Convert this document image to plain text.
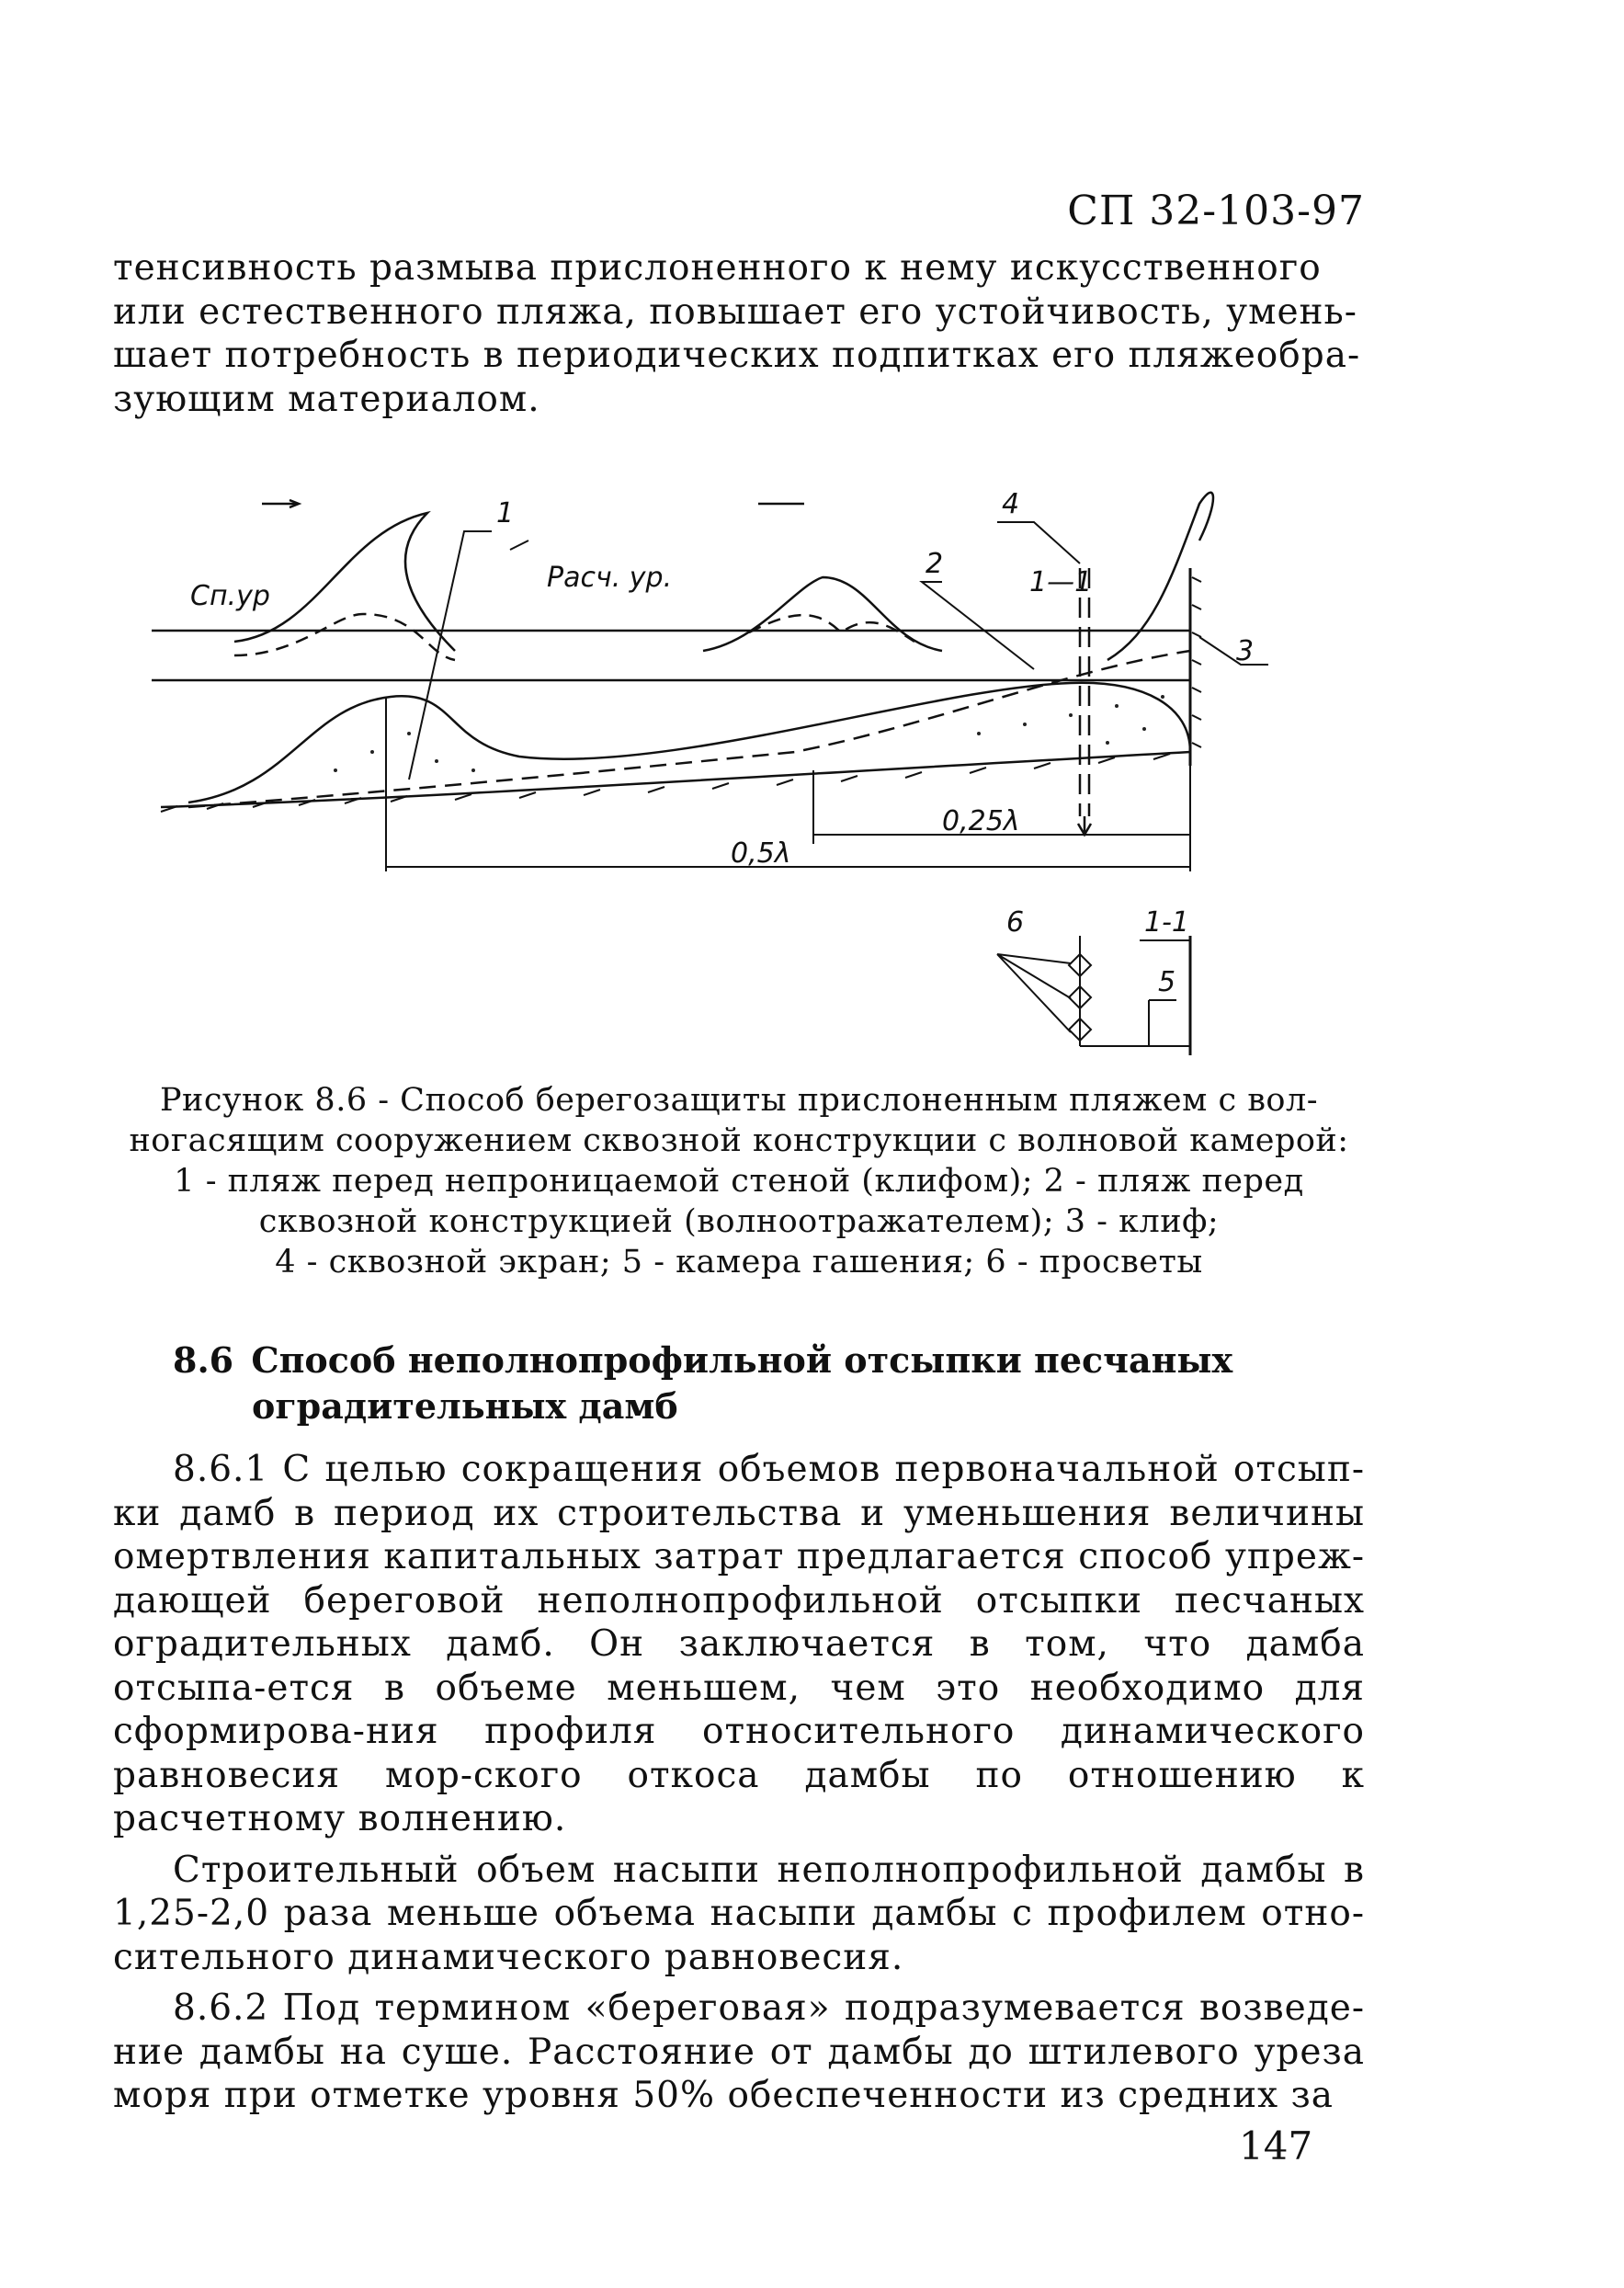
СП 32-103-97

тенсивность размыва прислоненного к нему искусственного

или естественного пляжа, повышает его устойчивость, умень-

шает потребность в периодических подпитках его пляжеобра-

зующим материалом.

Сп.ур
Расч. ур.
1
2
3
4
1—1
0,25λ
0,5λ
1-1
6
5
Рисунок 8.6 - Способ берегозащиты прислоненным пляжем с вол-
ногасящим сооружением сквозной конструкции с волновой камерой:
1 - пляж перед непроницаемой стеной (клифом); 2 - пляж перед
сквозной конструкцией (волноотражателем); 3 - клиф;
4 - сквозной экран; 5 - камера гашения; 6 - просветы
8.6 Способ неполнопрофильной отсыпки песчаных
оградительных дамб

8.6.1 С целью сокращения объемов первоначальной отсып-ки дамб в период их строительства и уменьшения величины омертвления капитальных затрат предлагается способ упреж-дающей береговой неполнопрофильной отсыпки песчаных оградительных дамб. Он заключается в том, что дамба отсыпа-ется в объеме меньшем, чем это необходимо для сформирова-ния профиля относительного динамического равновесия мор-ского откоса дамбы по отношению к расчетному волнению.

Строительный объем насыпи неполнопрофильной дамбы в 1,25-2,0 раза меньше объема насыпи дамбы с профилем отно-сительного динамического равновесия.

8.6.2 Под термином «береговая» подразумевается возведе-ние дамбы на суше. Расстояние от дамбы до штилевого уреза моря при отметке уровня 50% обеспеченности из средних за

147
